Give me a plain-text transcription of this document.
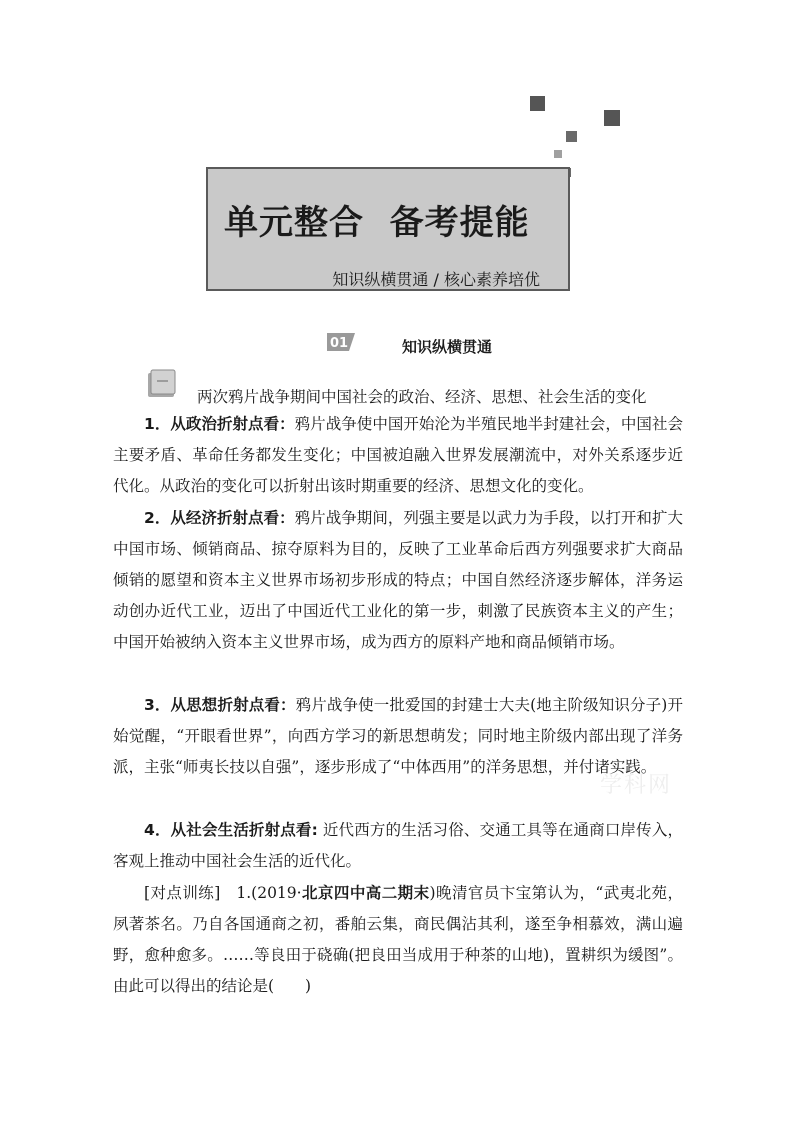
单元整合  备考提能
知识纵横贯通 / 核心素养培优
01	知识纵横贯通
两次鸦片战争期间中国社会的政治、经济、思想、社会生活的变化

1．从政治折射点看：鸦片战争使中国开始沦为半殖民地半封建社会，中国社会主要矛盾、革命任务都发生变化；中国被迫融入世界发展潮流中，对外关系逐步近代化。从政治的变化可以折射出该时期重要的经济、思想文化的变化。

2．从经济折射点看：鸦片战争期间，列强主要是以武力为手段，以打开和扩大中国市场、倾销商品、掠夺原料为目的，反映了工业革命后西方列强要求扩大商品倾销的愿望和资本主义世界市场初步形成的特点；中国自然经济逐步解体，洋务运动创办近代工业，迈出了中国近代工业化的第一步，刺激了民族资本主义的产生；中国开始被纳入资本主义世界市场，成为西方的原料产地和商品倾销市场。

3．从思想折射点看：鸦片战争使一批爱国的封建士大夫(地主阶级知识分子)开始觉醒，“开眼看世界”，向西方学习的新思想萌发；同时地主阶级内部出现了洋务派，主张“师夷长技以自强”，逐步形成了“中体西用”的洋务思想，并付诸实践。

4．从社会生活折射点看: 近代西方的生活习俗、交通工具等在通商口岸传入，客观上推动中国社会生活的近代化。

[对点训练] 1.(2019·北京四中高二期末)晚清官员卞宝第认为，“武夷北苑，夙著茶名。乃自各国通商之初，番舶云集，商民偶沾其利，遂至争相慕效，满山遍野，愈种愈多。……等良田于硗确(把良田当成用于种茶的山地)，置耕织为缓图”。由此可以得出的结论是(　　)

学科网
